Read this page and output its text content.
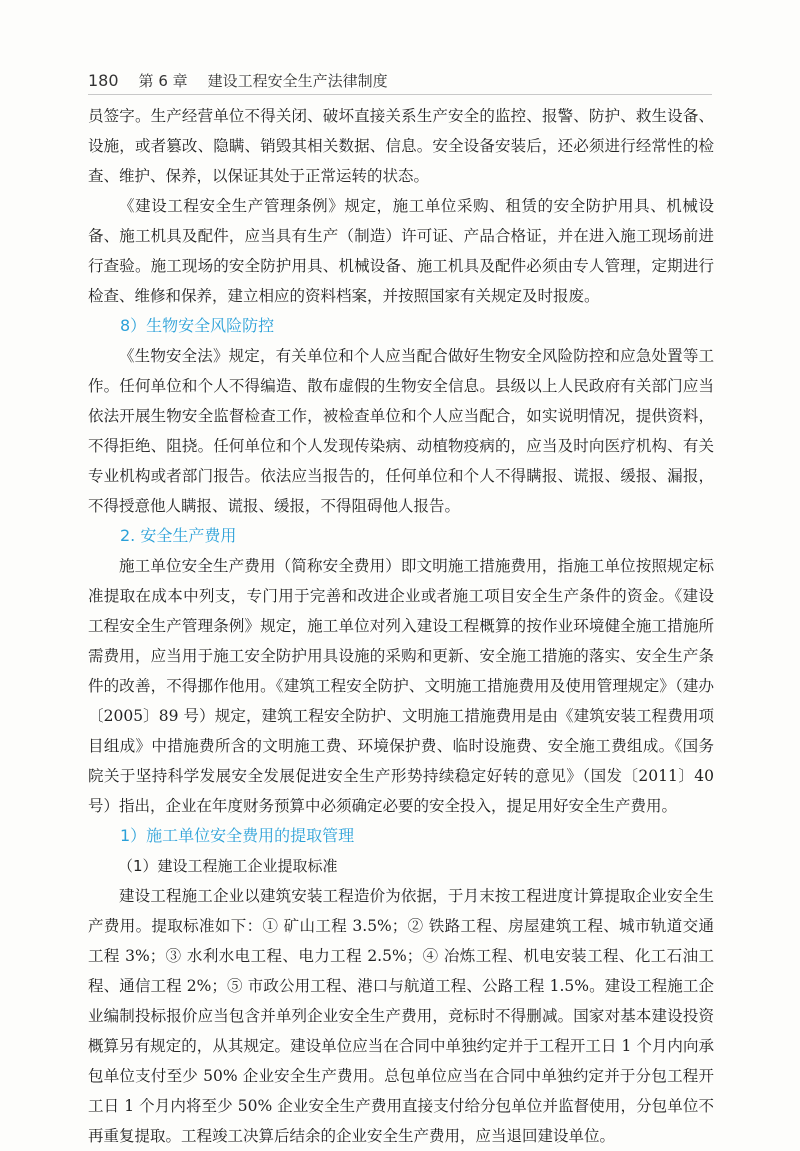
180 第 6 章 建设工程安全生产法律制度

员签字。生产经营单位不得关闭、破坏直接关系生产安全的监控、报警、防护、救生设备、设施，或者篡改、隐瞒、销毁其相关数据、信息。安全设备安装后，还必须进行经常性的检查、维护、保养，以保证其处于正常运转的状态。

《建设工程安全生产管理条例》规定，施工单位采购、租赁的安全防护用具、机械设备、施工机具及配件，应当具有生产（制造）许可证、产品合格证，并在进入施工现场前进行查验。施工现场的安全防护用具、机械设备、施工机具及配件必须由专人管理，定期进行检查、维修和保养，建立相应的资料档案，并按照国家有关规定及时报废。

8）生物安全风险防控

《生物安全法》规定，有关单位和个人应当配合做好生物安全风险防控和应急处置等工作。任何单位和个人不得编造、散布虚假的生物安全信息。县级以上人民政府有关部门应当依法开展生物安全监督检查工作，被检查单位和个人应当配合，如实说明情况，提供资料，不得拒绝、阻挠。任何单位和个人发现传染病、动植物疫病的，应当及时向医疗机构、有关专业机构或者部门报告。依法应当报告的，任何单位和个人不得瞒报、谎报、缓报、漏报，不得授意他人瞒报、谎报、缓报，不得阻碍他人报告。

2. 安全生产费用

施工单位安全生产费用（简称安全费用）即文明施工措施费用，指施工单位按照规定标准提取在成本中列支，专门用于完善和改进企业或者施工项目安全生产条件的资金。《建设工程安全生产管理条例》规定，施工单位对列入建设工程概算的按作业环境健全施工措施所需费用，应当用于施工安全防护用具设施的采购和更新、安全施工措施的落实、安全生产条件的改善，不得挪作他用。《建筑工程安全防护、文明施工措施费用及使用管理规定》（建办〔2005〕89 号）规定，建筑工程安全防护、文明施工措施费用是由《建筑安装工程费用项目组成》中措施费所含的文明施工费、环境保护费、临时设施费、安全施工费组成。《国务院关于坚持科学发展安全发展促进安全生产形势持续稳定好转的意见》（国发〔2011〕40 号）指出，企业在年度财务预算中必须确定必要的安全投入，提足用好安全生产费用。

1）施工单位安全费用的提取管理

（1）建设工程施工企业提取标准

建设工程施工企业以建筑安装工程造价为依据，于月末按工程进度计算提取企业安全生产费用。提取标准如下：① 矿山工程 3.5%；② 铁路工程、房屋建筑工程、城市轨道交通工程 3%；③ 水利水电工程、电力工程 2.5%；④ 冶炼工程、机电安装工程、化工石油工程、通信工程 2%；⑤ 市政公用工程、港口与航道工程、公路工程 1.5%。建设工程施工企业编制投标报价应当包含并单列企业安全生产费用，竞标时不得删减。国家对基本建设投资概算另有规定的，从其规定。建设单位应当在合同中单独约定并于工程开工日 1 个月内向承包单位支付至少 50% 企业安全生产费用。总包单位应当在合同中单独约定并于分包工程开工日 1 个月内将至少 50% 企业安全生产费用直接支付给分包单位并监督使用，分包单位不再重复提取。工程竣工决算后结余的企业安全生产费用，应当退回建设单位。
